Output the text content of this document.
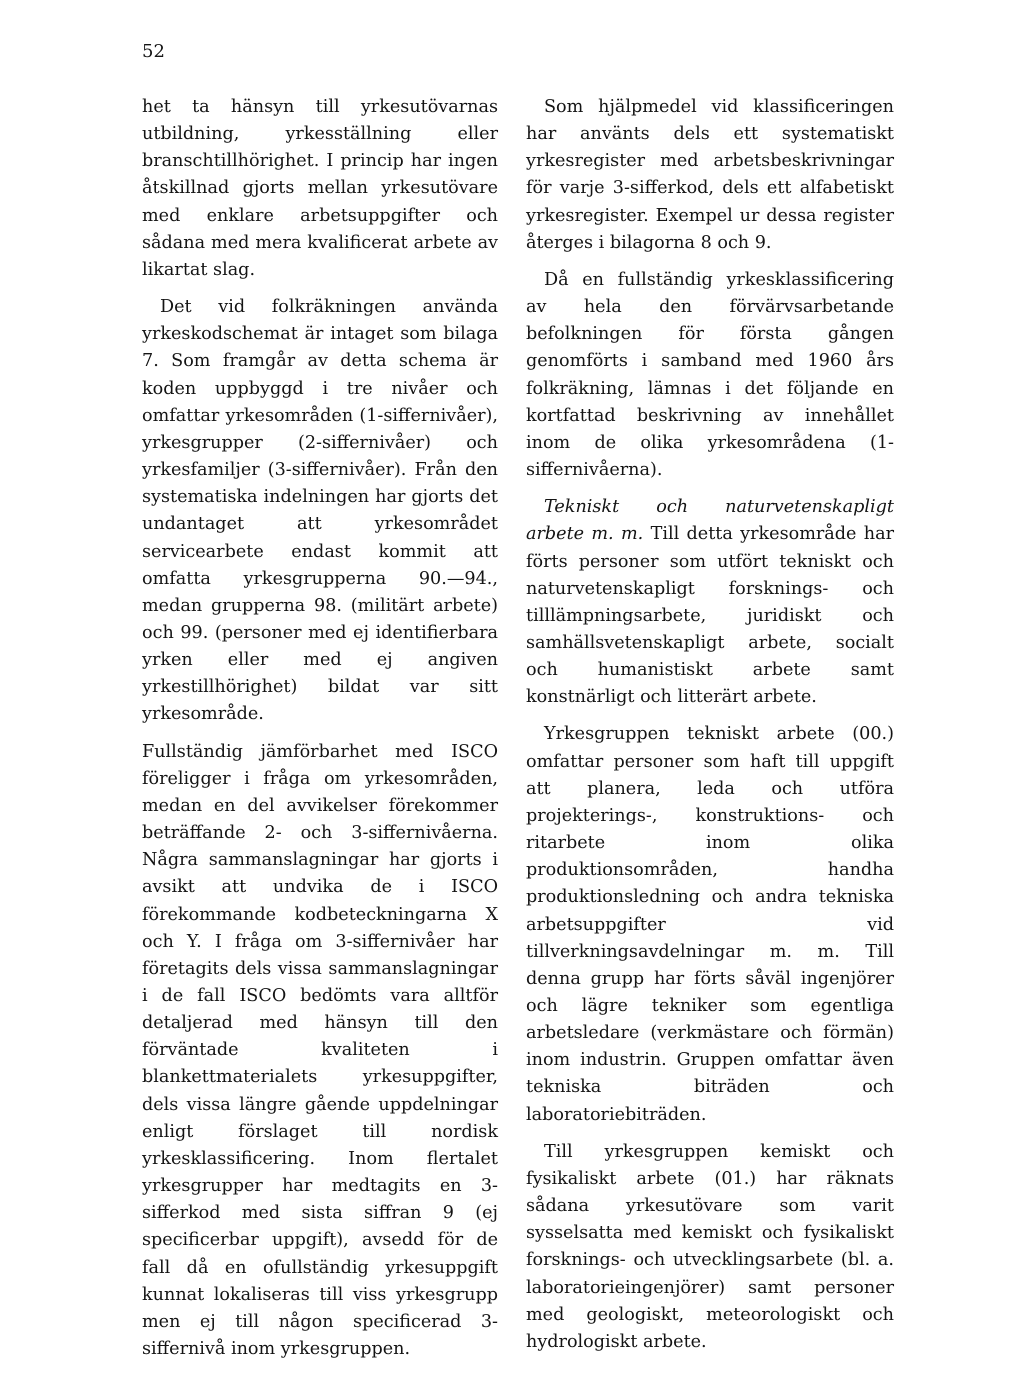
52

het ta hänsyn till yrkesutövarnas utbildning, yrkesställning eller branschtillhörighet. I princip har ingen åtskillnad gjorts mellan yrkesutövare med enklare arbetsuppgifter och sådana med mera kvalificerat arbete av likartat slag.

Det vid folkräkningen använda yrkeskodschemat är intaget som bilaga 7. Som framgår av detta schema är koden uppbyggd i tre nivåer och omfattar yrkesområden (1-siffernivåer), yrkesgrupper (2-siffernivåer) och yrkesfamiljer (3-siffernivåer). Från den systematiska indelningen har gjorts det undantaget att yrkesområdet servicearbete endast kommit att omfatta yrkesgrupperna 90.—94., medan grupperna 98. (militärt arbete) och 99. (personer med ej identifierbara yrken eller med ej angiven yrkestillhörighet) bildat var sitt yrkesområde.

Fullständig jämförbarhet med ISCO föreligger i fråga om yrkesområden, medan en del avvikelser förekommer beträffande 2- och 3-siffernivåerna. Några sammanslagningar har gjorts i avsikt att undvika de i ISCO förekommande kodbeteckningarna X och Y. I fråga om 3-siffernivåer har företagits dels vissa sammanslagningar i de fall ISCO bedömts vara alltför detaljerad med hänsyn till den förväntade kvaliteten i blankettmaterialets yrkesuppgifter, dels vissa längre gående uppdelningar enligt förslaget till nordisk yrkesklassificering. Inom flertalet yrkesgrupper har medtagits en 3-sifferkod med sista siffran 9 (ej specificerbar uppgift), avsedd för de fall då en ofullständig yrkesuppgift kunnat lokaliseras till viss yrkesgrupp men ej till någon specificerad 3-siffernivå inom yrkesgruppen.

Som hjälpmedel vid klassificeringen har använts dels ett systematiskt yrkesregister med arbetsbeskrivningar för varje 3-sifferkod, dels ett alfabetiskt yrkesregister. Exempel ur dessa register återges i bilagorna 8 och 9.

Då en fullständig yrkesklassificering av hela den förvärvsarbetande befolkningen för första gången genomförts i samband med 1960 års folkräkning, lämnas i det följande en kortfattad beskrivning av innehållet inom de olika yrkesområdena (1-siffernivåerna).

Tekniskt och naturvetenskapligt arbete m. m. Till detta yrkesområde har förts personer som utfört tekniskt och naturvetenskapligt forsknings- och tilllämpningsarbete, juridiskt och samhällsvetenskapligt arbete, socialt och humanistiskt arbete samt konstnärligt och litterärt arbete.

Yrkesgruppen tekniskt arbete (00.) omfattar personer som haft till uppgift att planera, leda och utföra projekterings-, konstruktions- och ritarbete inom olika produktionsområden, handha produktionsledning och andra tekniska arbetsuppgifter vid tillverkningsavdelningar m. m. Till denna grupp har förts såväl ingenjörer och lägre tekniker som egentliga arbetsledare (verkmästare och förmän) inom industrin. Gruppen omfattar även tekniska biträden och laboratoriebiträden.

Till yrkesgruppen kemiskt och fysikaliskt arbete (01.) har räknats sådana yrkesutövare som varit sysselsatta med kemiskt och fysikaliskt forsknings- och utvecklingsarbete (bl. a. laboratorieingenjörer) samt personer med geologiskt, meteorologiskt och hydrologiskt arbete.
